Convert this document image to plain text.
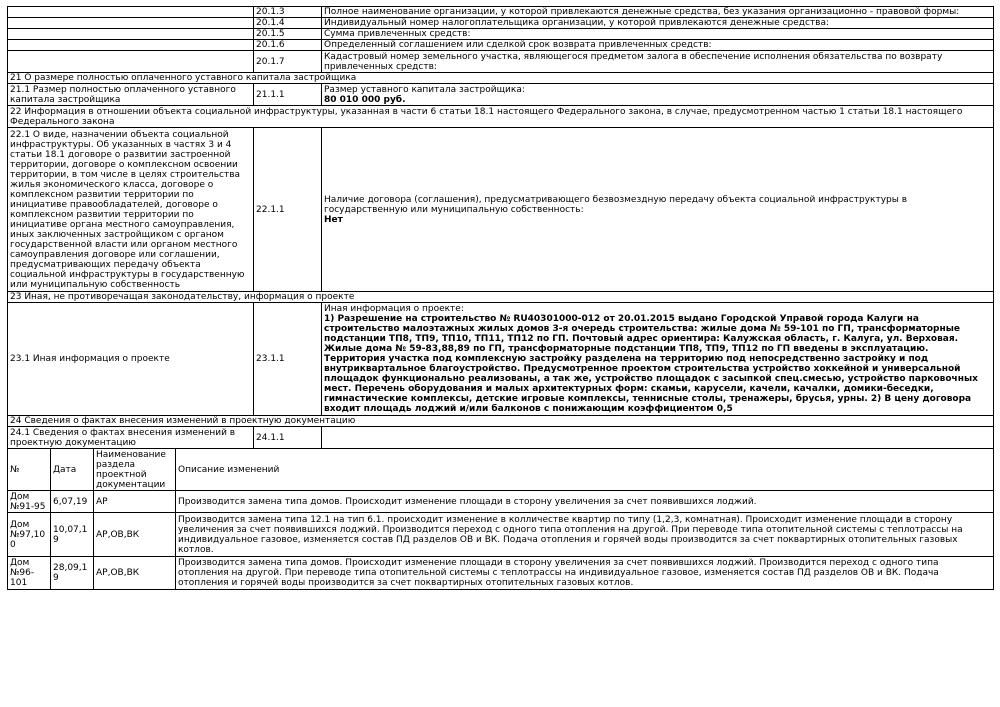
	20.1.3	Полное наименование организации, у которой привлекаются денежные средства, без указания организационно - правовой формы:
	20.1.4	Индивидуальный номер налогоплательщика организации, у которой привлекаются денежные средства:
	20.1.5	Сумма привлеченных средств:
	20.1.6	Определенный соглашением или сделкой срок возврата привлеченных средств:
	20.1.7	Кадастровый номер земельного участка, являющегося предметом залога в обеспечение исполнения обязательства по возврату привлеченных средств:
21 О размере полностью оплаченного уставного капитала застройщика
21.1 Размер полностью оплаченного уставного капитала застройщика	21.1.1	Размер уставного капитала застройщика:
80 010 000 руб.
22 Информация в отношении объекта социальной инфраструктуры, указанная в части 6 статьи 18.1 настоящего Федерального закона, в случае, предусмотренном частью 1 статьи 18.1 настоящего Федерального закона
22.1 О виде, назначении объекта социальной инфраструктуры. Об указанных в частях 3 и 4 статьи 18.1 договоре о развитии застроенной территории, договоре о комплексном освоении территории, в том числе в целях строительства жилья экономического класса, договоре о комплексном развитии территории по инициативе правообладателей, договоре о комплексном развитии территории по инициативе органа местного самоуправления, иных заключенных застройщиком с органом государственной власти или органом местного самоуправления договоре или соглашении, предусматривающих передачу объекта социальной инфраструктуры в государственную или муниципальную собственность	22.1.1	
Наличие договора (соглашения), предусматривающего безвозмездную передачу объекта социальной инфраструктуры в государственную или муниципальную собственность:
Нет
23 Иная, не противоречащая законодательству, информация о проекте
23.1 Иная информация о проекте	23.1.1	
Иная информация о проекте:
1) Разрешение на строительство № RU40301000-012 от 20.01.2015 выдано Городской Управой города Калуги на строительство малоэтажных жилых домов 3-я очередь строительства: жилые дома № 59-101 по ГП, трансформаторные подстанции ТП8, ТП9, ТП10, ТП11, ТП12 по ГП. Почтовый адрес ориентира: Калужская область, г. Калуга, ул. Верховая. Жилые дома № 59-83,88,89 по ГП, трансформаторные подстанции ТП8, ТП9, ТП12 по ГП введены в эксплуатацию. Территория участка под комплексную застройку разделена на территорию под непосредственно застройку и под внутриквартальное благоустройство. Предусмотренное проектом строительства устройство хоккейной и универсальной площадок функционально реализованы, а так же, устройство площадок с засыпкой спец.смесью, устройство парковочных мест. Перечень оборудования и малых архитектурных форм: скамьи, карусели, качели, качалки, домики-беседки, гимнастические комплексы, детские игровые комплексы, теннисные столы, тренажеры, брусья, урны. 2) В цену договора входит площадь лоджий и/или балконов с понижающим коэффициентом 0,5
24 Сведения о фактах внесения изменений в проектную документацию
24.1 Сведения о фактах внесения изменений в проектную документацию	24.1.1	
№	Дата	Наименование раздела проектной документации	Описание изменений
Дом №91-95	6,07,19	АР	Производится замена типа домов. Происходит изменение площади в сторону увеличения за счет появившихся лоджий.
Дом №97,100	10,07,19	АР,ОВ,ВК	Производится замена типа 12.1 на тип 6.1. происходит изменение в колличестве квартир по типу (1,2,3, комнатная). Происходит изменение площади в сторону увеличения за счет появившихся лоджий. Производится переход с одного типа отопления на другой. При переводе типа отопительной системы с теплотрассы на индивидуальное газовое, изменяется состав ПД разделов ОВ и ВК. Подача отопления и горячей воды производится за счет поквартирных отопительных газовых котлов.
Дом №96-101	28,09,19	АР,ОВ,ВК	Производится замена типа домов. Происходит изменение площади в сторону увеличения за счет появившихся лоджий. Производится переход с одного типа отопления на другой. При переводе типа отопительной системы с теплотрассы на индивидуальное газовое, изменяется состав ПД разделов ОВ и ВК. Подача отопления и горячей воды производится за счет поквартирных отопительных газовых котлов.
